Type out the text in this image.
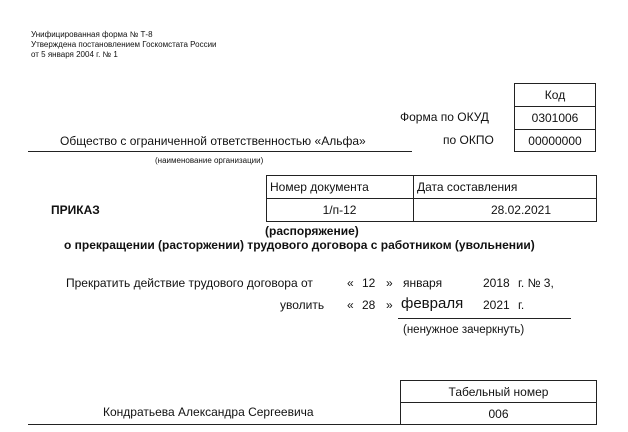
Унифицированная форма № Т-8
Утверждена постановлением Госкомстата России
от 5 января 2004 г. № 1
Код
0301006
00000000
Форма по ОКУД
по ОКПО
Общество с ограниченной ответственностью «Альфа»
(наименование организации)
Номер документа	Дата составления
1/п-12	28.02.2021
ПРИКАЗ
(распоряжение)
о прекращении (расторжении) трудового договора с работником (увольнении)
Прекратить действие трудового договора от	« 12 » января	2018 г. № 3,
уволить « 28 » февраля 2021 г.
(ненужное зачеркнуть)
Табельный номер
006
Кондратьева Александра Сергеевича
